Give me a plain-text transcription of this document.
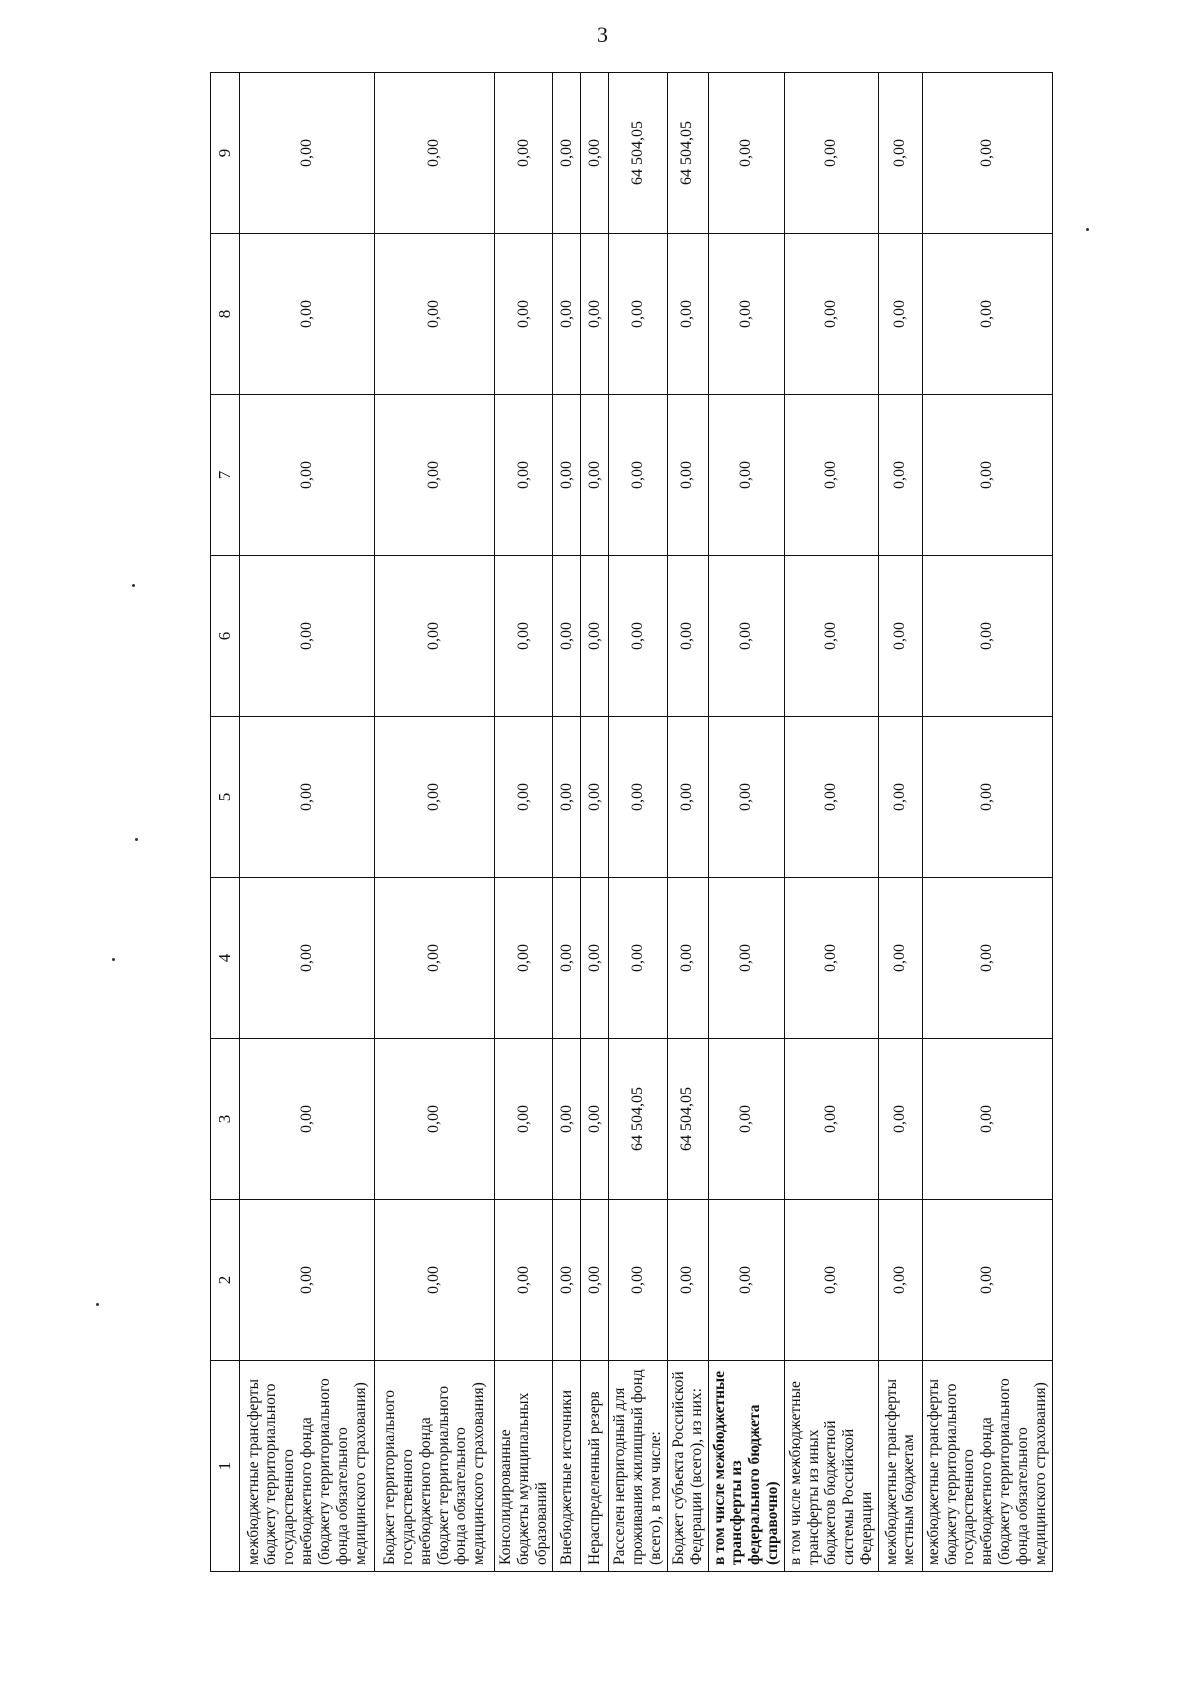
3
1	2	3	4	5	6	7	8	9
межбюджетные трансферты бюджету территориального государственного внебюджетного фонда (бюджету территориального фонда обязательного медицинского страхования)	0,00	0,00	0,00	0,00	0,00	0,00	0,00	0,00
Бюджет территориального государственного внебюджетного фонда (бюджет территориального фонда обязательного медицинского страхования)	0,00	0,00	0,00	0,00	0,00	0,00	0,00	0,00
Консолидированные бюджеты муниципальных образований	0,00	0,00	0,00	0,00	0,00	0,00	0,00	0,00
Внебюджетные источники	0,00	0,00	0,00	0,00	0,00	0,00	0,00	0,00
Нераспределенный резерв	0,00	0,00	0,00	0,00	0,00	0,00	0,00	0,00
Расселен непригодный для проживания жилищный фонд (всего), в том числе:	0,00	64 504,05	0,00	0,00	0,00	0,00	0,00	64 504,05
Бюджет субъекта Российской Федерации (всего), из них:	0,00	64 504,05	0,00	0,00	0,00	0,00	0,00	64 504,05
в том числе межбюджетные трансферты из федерального бюджета (справочно)	0,00	0,00	0,00	0,00	0,00	0,00	0,00	0,00
в том числе межбюджетные трансферты из иных бюджетов бюджетной системы Российской Федерации	0,00	0,00	0,00	0,00	0,00	0,00	0,00	0,00
межбюджетные трансферты местным бюджетам	0,00	0,00	0,00	0,00	0,00	0,00	0,00	0,00
межбюджетные трансферты бюджету территориального государственного внебюджетного фонда (бюджету территориального фонда обязательного медицинского страхования)	0,00	0,00	0,00	0,00	0,00	0,00	0,00	0,00
